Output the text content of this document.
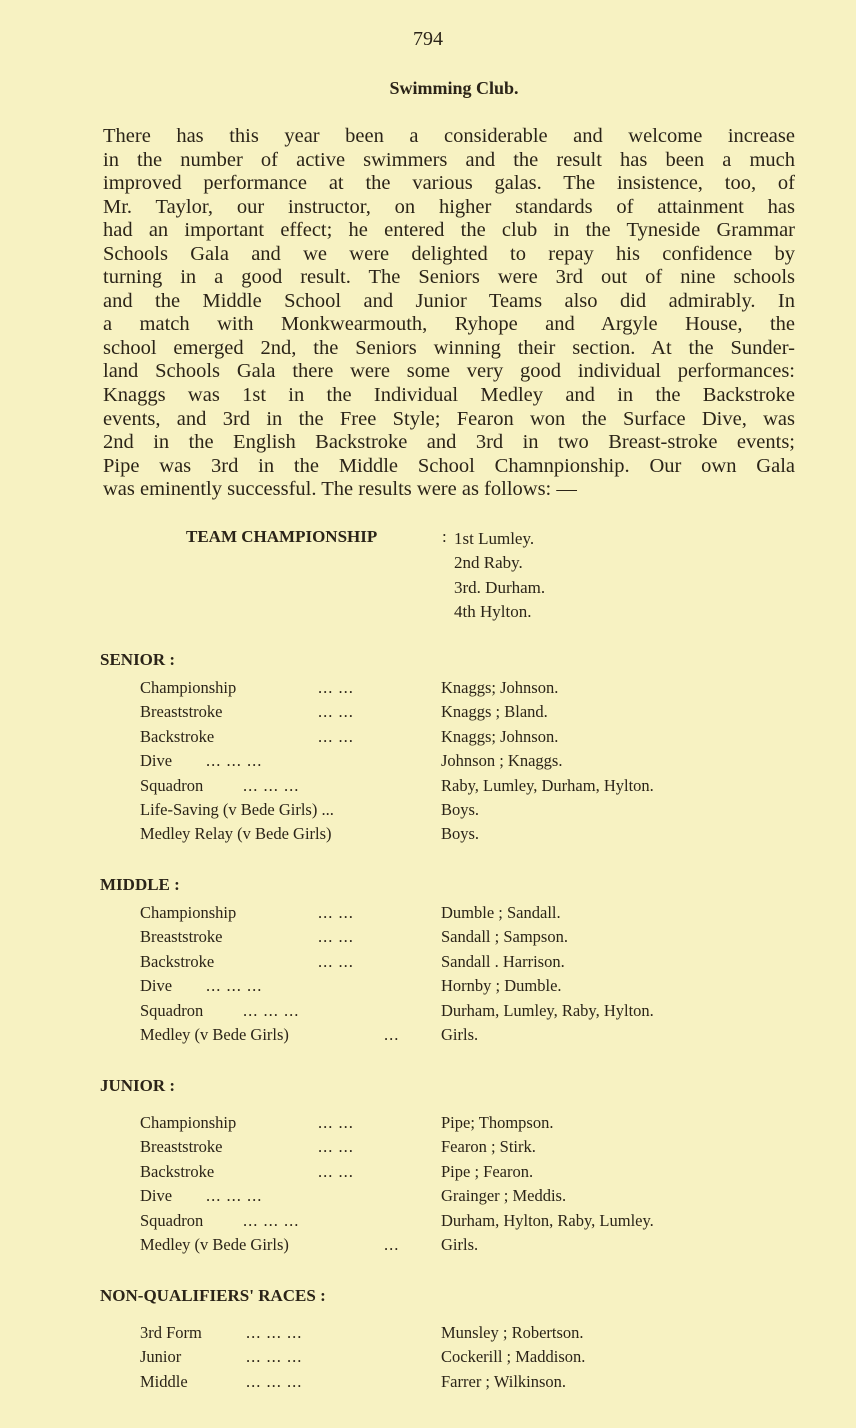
794
Swimming Club.
There has this year been a considerable and welcome increase
in the number of active swimmers and the result has been a much
improved performance at the various galas. The insistence, too, of
Mr. Taylor, our instructor, on higher standards of attainment has
had an important effect; he entered the club in the Tyneside Grammar
Schools Gala and we were delighted to repay his confidence by
turning in a good result. The Seniors were 3rd out of nine schools
and the Middle School and Junior Teams also did admirably. In
a match with Monkwearmouth, Ryhope and Argyle House, the
school emerged 2nd, the Seniors winning their section. At the Sunder-
land Schools Gala there were some very good individual performances:
Knaggs was 1st in the Individual Medley and in the Backstroke
events, and 3rd in the Free Style; Fearon won the Surface Dive, was
2nd in the English Backstroke and 3rd in two Breast-stroke events;
Pipe was 3rd in the Middle School Chamnpionship. Our own Gala
was eminently successful. The results were as follows: —
TEAM CHAMPIONSHIP	: 1st Lumley.
2nd Raby.
3rd. Durham.
4th Hylton.
SENIOR :
Championship	... ...	Knaggs; Johnson.
Breaststroke	... ...	Knaggs ; Bland.
Backstroke	... ...	Knaggs; Johnson.
Dive ... ... ...	Johnson ; Knaggs.
Squadron ... ... ...	Raby, Lumley, Durham, Hylton.
Life-Saving (v Bede Girls) ...	Boys.
Medley Relay (v Bede Girls)	Boys.
MIDDLE :
Championship	... ...	Dumble ; Sandall.
Breaststroke	... ...	Sandall ; Sampson.
Backstroke	... ...	Sandall . Harrison.
Dive ... ... ...	Hornby ; Dumble.
Squadron ... ... ...	Durham, Lumley, Raby, Hylton.
Medley (v Bede Girls)	...	Girls.
JUNIOR :
Championship	... ...	Pipe; Thompson.
Breaststroke	... ...	Fearon ; Stirk.
Backstroke	... ...	Pipe ; Fearon.
Dive ... ... ...	Grainger ; Meddis.
Squadron ... ... ...	Durham, Hylton, Raby, Lumley.
Medley (v Bede Girls)	...	Girls.
NON-QUALIFIERS' RACES :
3rd Form	... ... ...	Munsley ; Robertson.
Junior	... ... ...	Cockerill ; Maddison.
Middle	... ... ...	Farrer ; Wilkinson.
